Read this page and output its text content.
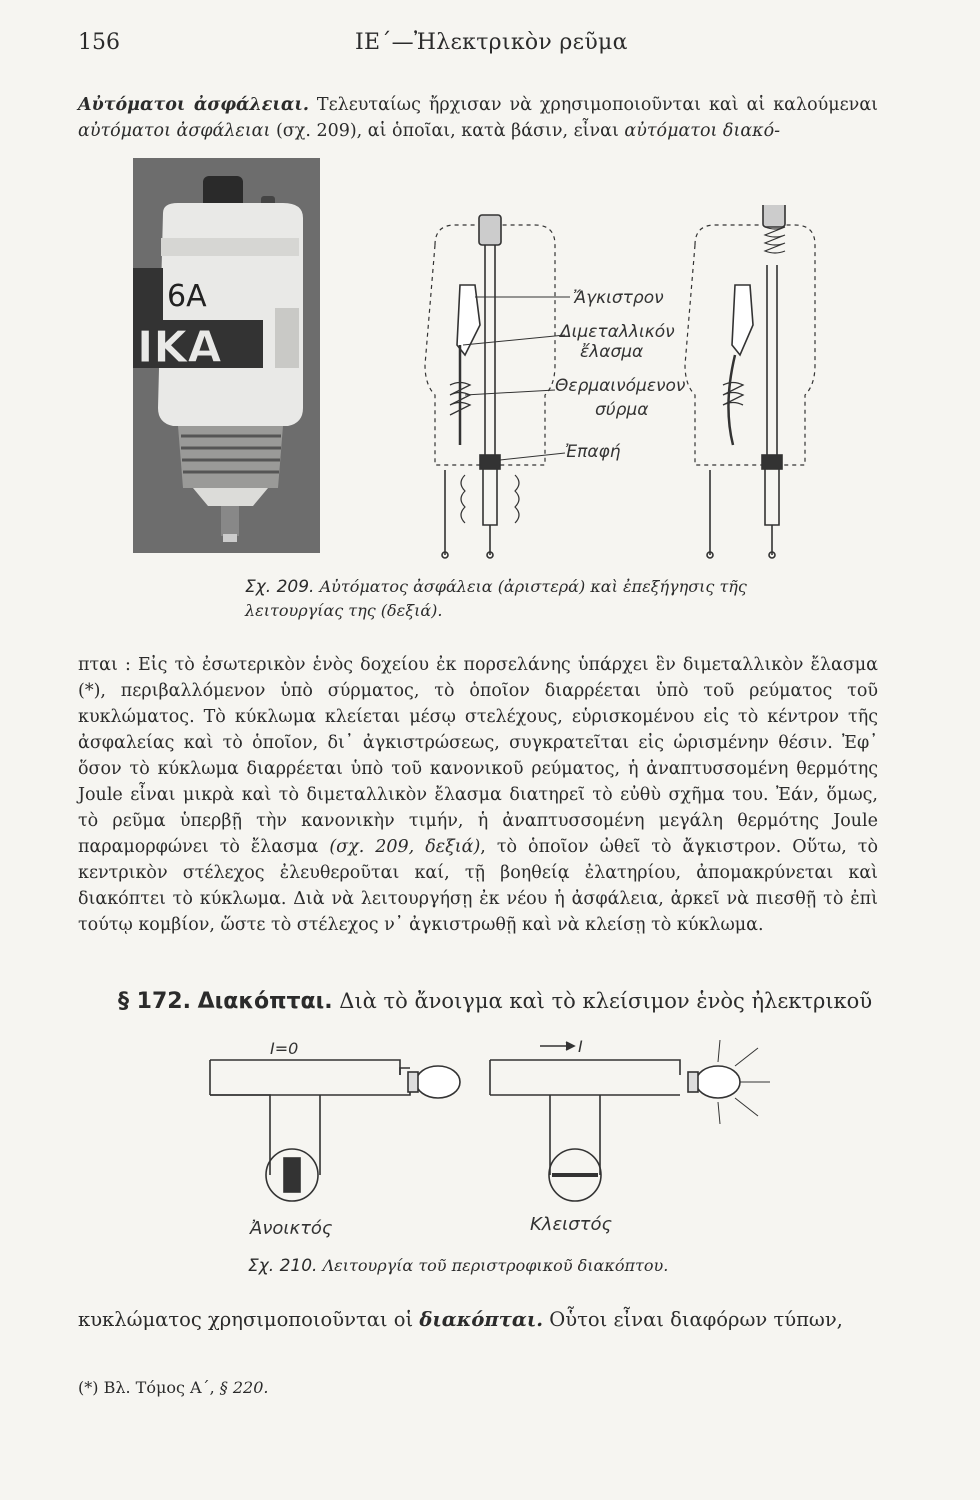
156	ΙΕ΄—Ἠλεκτρικὸν ρεῦμα
Αὐτόματοι ἀσφάλειαι. Τελευταίως ἤρχισαν νὰ χρησιμοποιοῦνται καὶ αἱ καλούμεναι αὐτόματοι ἀσφάλειαι (σχ. 209), αἱ ὁποῖαι, κατὰ βάσιν, εἶναι αὐτόματοι διακό-
6A
IKA
Ἄγκιστρον
Διμεταλλικόν
ἔλασμα
Θερμαινόμενον
σύρμα
Ἐπαφή
Σχ. 209. Αὐτόματος ἀσφάλεια (ἀριστερά) καὶ ἐπεξήγησις τῆς λειτουργίας της (δεξιά).
πται : Εἰς τὸ ἐσωτερικὸν ἑνὸς δοχείου ἐκ πορσελάνης ὑπάρχει ἓν διμεταλλικὸν ἔλασμα (*), περιβαλλόμενον ὑπὸ σύρματος, τὸ ὁποῖον διαρρέεται ὑπὸ τοῦ ρεύματος τοῦ κυκλώματος. Τὸ κύκλωμα κλείεται μέσῳ στελέχους, εὑρισκομένου εἰς τὸ κέντρον τῆς ἀσφαλείας καὶ τὸ ὁποῖον, δι᾽ ἀγκιστρώσεως, συγκρατεῖται εἰς ὡρισμένην θέσιν. Ἐφ᾽ ὅσον τὸ κύκλωμα διαρρέεται ὑπὸ τοῦ κανονικοῦ ρεύματος, ἡ ἀναπτυσσομένη θερμότης Joule εἶναι μικρὰ καὶ τὸ διμεταλλικὸν ἔλασμα διατηρεῖ τὸ εὐθὺ σχῆμα του. Ἐάν, ὅμως, τὸ ρεῦμα ὑπερβῇ τὴν κανονικὴν τιμήν, ἡ ἀναπτυσσομένη μεγάλη θερμότης Joule παραμορφώνει τὸ ἔλασμα (σχ. 209, δεξιά), τὸ ὁποῖον ὠθεῖ τὸ ἄγκιστρον. Οὕτω, τὸ κεντρικὸν στέλεχος ἐλευθεροῦται καί, τῇ βοηθείᾳ ἐλατηρίου, ἀπομακρύνεται καὶ διακόπτει τὸ κύκλωμα. Διὰ νὰ λειτουργήσῃ ἐκ νέου ἡ ἀσφάλεια, ἀρκεῖ νὰ πιεσθῇ τὸ ἐπὶ τούτῳ κομβίον, ὥστε τὸ στέλεχος ν᾽ ἀγκιστρωθῇ καὶ νὰ κλείσῃ τὸ κύκλωμα.
§ 172. Διακόπται. Διὰ τὸ ἄνοιγμα καὶ τὸ κλείσιμον ἑνὸς ἠλεκτρικοῦ
I=0	I
Ἀνοικτός	Κλειστός
Σχ. 210. Λειτουργία τοῦ περιστροφικοῦ διακόπτου.
κυκλώματος χρησιμοποιοῦνται οἱ διακόπται. Οὗτοι εἶναι διαφόρων τύπων,
(*) Βλ. Τόμος Α΄, § 220.
